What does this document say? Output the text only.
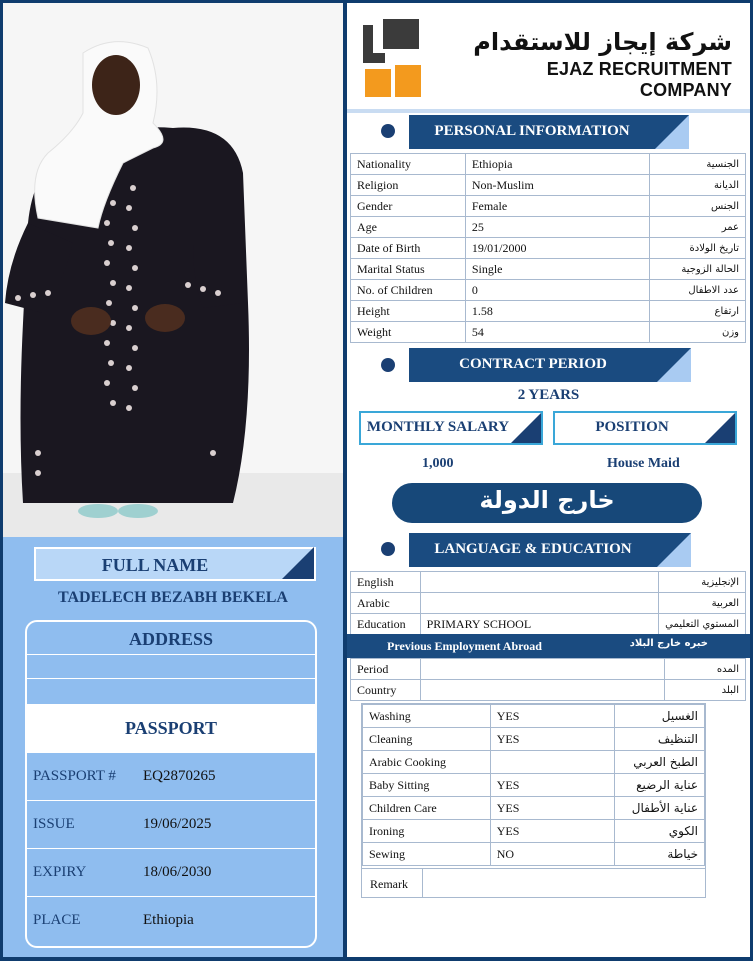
FULL NAME
TADELECH BEZABH BEKELA
ADDRESS
PASSPORT
PASSPORT # EQ2870265
ISSUE	19/06/2025
EXPIRY	18/06/2030
PLACE	Ethiopia
شركة إيجاز للاستقدام
EJAZ RECRUITMENT COMPANY
PERSONAL INFORMATION
Nationality	Ethiopia	الجنسية
Religion	Non-Muslim	الديانة
Gender	Female	الجنس
Age	25	عمر
Date of Birth	19/01/2000	تاريخ الولادة
Marital Status	Single	الحالة الزوجية
No. of Children	0	عدد الاطفال
Height	1.58	ارتفاع
Weight	54	وزن
CONTRACT PERIOD
2 YEARS
MONTHLY SALARY	POSITION
1,000	House Maid
خارج الدولة
LANGUAGE & EDUCATION
English		الإنجليزية
Arabic		العربية
Education	PRIMARY SCHOOL	المستوي التعليمي
Previous Employment Abroad	خبره خارج البلاد
Period		المده
Country		البلد
Washing	YES	الغسيل
Cleaning	YES	التنظيف
Arabic Cooking		الطبخ العربي
Baby Sitting	YES	عناية الرضيع
Children Care	YES	عناية الأطفال
Ironing	YES	الكوي
Sewing	NO	خياطة
Remark
